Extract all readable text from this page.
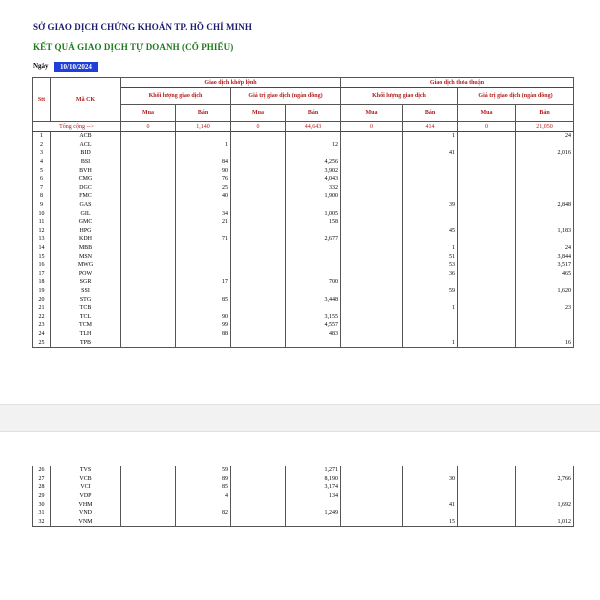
SỞ GIAO DỊCH CHỨNG KHOÁN TP. HỒ CHÍ MINH
KẾT QUẢ GIAO DỊCH TỰ DOANH (CỔ PHIẾU)
Ngày	10/10/2024
Stt	Mã CK	Giao dịch khớp lệnh				Giao dịch thỏa thuận			
		Khối lượng giao dịch		Giá trị giao dịch (ngàn đồng)		Khối lượng giao dịch		Giá trị giao dịch (ngàn đồng)	
		Mua	Bán	Mua	Bán	Mua	Bán	Mua	Bán
Tổng cộng -->		0	1,140	0	44,643	0	414	0	21,050
1	ACB						1		24
2	ACL		1		12				
3	BID						41		2,016
4	BSI		84		4,256				
5	BVH		90		3,902				
6	CMG		76		4,043				
7	DGC		25		332				
8	FMC		40		1,900				
9	GAS						39		2,848
10	GIL		34		1,005				
11	GMC		21		158				
12	HPG						45		1,183
13	KDH		71		2,677				
14	MBB						1		24
15	MSN						51		3,844
16	MWG						53		3,517
17	POW						36		465
18	SGR		17		700				
19	SSI						59		1,620
20	STG		85		3,448				
21	TCB						1		23
22	TCL		90		3,155				
23	TCM		99		4,557				
24	TLH		88		483				
25	TPB						1		16
26	TVS		59		1,271				
27	VCB		89		8,190		30		2,766
28	VCI		85		3,174				
29	VDP		4		134				
30	VHM						41		1,692
31	VND		82		1,249				
32	VNM						15		1,012
